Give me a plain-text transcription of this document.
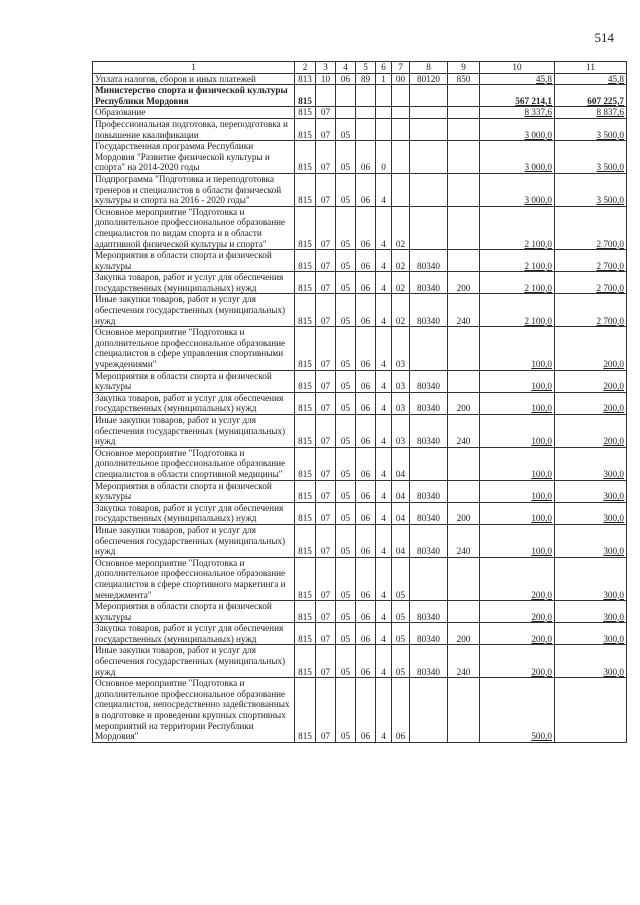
514
1	2	3	4	5	6	7	8	9	10	11
Уплата налогов, сборов и иных платежей	813	10	06	89	1	00	80120	850	45,8	45,8
Министерство спорта и физической культуры Республики Мордовия	815								567 214,1	607 225,7
Образование	815	07							8 337,6	8 837,6
Профессиональная подготовка, переподготовка и повышение квалификации	815	07	05						3 000,0	3 500,0
Государственная программа Республики Мордовия "Развитие физической культуры и спорта" на 2014-2020 годы	815	07	05	06	0				3 000,0	3 500,0
Подпрограмма "Подготовка и переподготовка тренеров и специалистов в области физической культуры и спорта на 2016 - 2020 годы"	815	07	05	06	4				3 000,0	3 500,0
Основное мероприятие "Подготовка и дополнительное профессиональное образование специалистов по видам спорта и в области адаптивной физической культуры и спорта"	815	07	05	06	4	02			2 100,0	2 700,0
Мероприятия в области спорта и физической культуры	815	07	05	06	4	02	80340		2 100,0	2 700,0
Закупка товаров, работ и услуг для обеспечения государственных (муниципальных) нужд	815	07	05	06	4	02	80340	200	2 100,0	2 700,0
Иные закупки товаров, работ и услуг для обеспечения государственных (муниципальных) нужд	815	07	05	06	4	02	80340	240	2 100,0	2 700,0
Основное мероприятие "Подготовка и дополнительное профессиональное образование специалистов в сфере управления спортивными учреждениями"	815	07	05	06	4	03			100,0	200,0
Мероприятия в области спорта и физической культуры	815	07	05	06	4	03	80340		100,0	200,0
Закупка товаров, работ и услуг для обеспечения государственных (муниципальных) нужд	815	07	05	06	4	03	80340	200	100,0	200,0
Иные закупки товаров, работ и услуг для обеспечения государственных (муниципальных) нужд	815	07	05	06	4	03	80340	240	100,0	200,0
Основное мероприятие "Подготовка и дополнительное профессиональное образование специалистов в области спортивной медицины"	815	07	05	06	4	04			100,0	300,0
Мероприятия в области спорта и физической культуры	815	07	05	06	4	04	80340		100,0	300,0
Закупка товаров, работ и услуг для обеспечения государственных (муниципальных) нужд	815	07	05	06	4	04	80340	200	100,0	300,0
Иные закупки товаров, работ и услуг для обеспечения государственных (муниципальных) нужд	815	07	05	06	4	04	80340	240	100,0	300,0
Основное мероприятие "Подготовка и дополнительное профессиональное образование специалистов в сфере спортивного маркетинга и менеджмента"	815	07	05	06	4	05			200,0	300,0
Мероприятия в области спорта и физической культуры	815	07	05	06	4	05	80340		200,0	300,0
Закупка товаров, работ и услуг для обеспечения государственных (муниципальных) нужд	815	07	05	06	4	05	80340	200	200,0	300,0
Иные закупки товаров, работ и услуг для обеспечения государственных (муниципальных) нужд	815	07	05	06	4	05	80340	240	200,0	300,0
Основное мероприятие "Подготовка и дополнительное профессиональное образование специалистов, непосредственно задействованных в подготовке и проведении крупных спортивных мероприятий на территории Республики Мордовия"	815	07	05	06	4	06			500,0	
